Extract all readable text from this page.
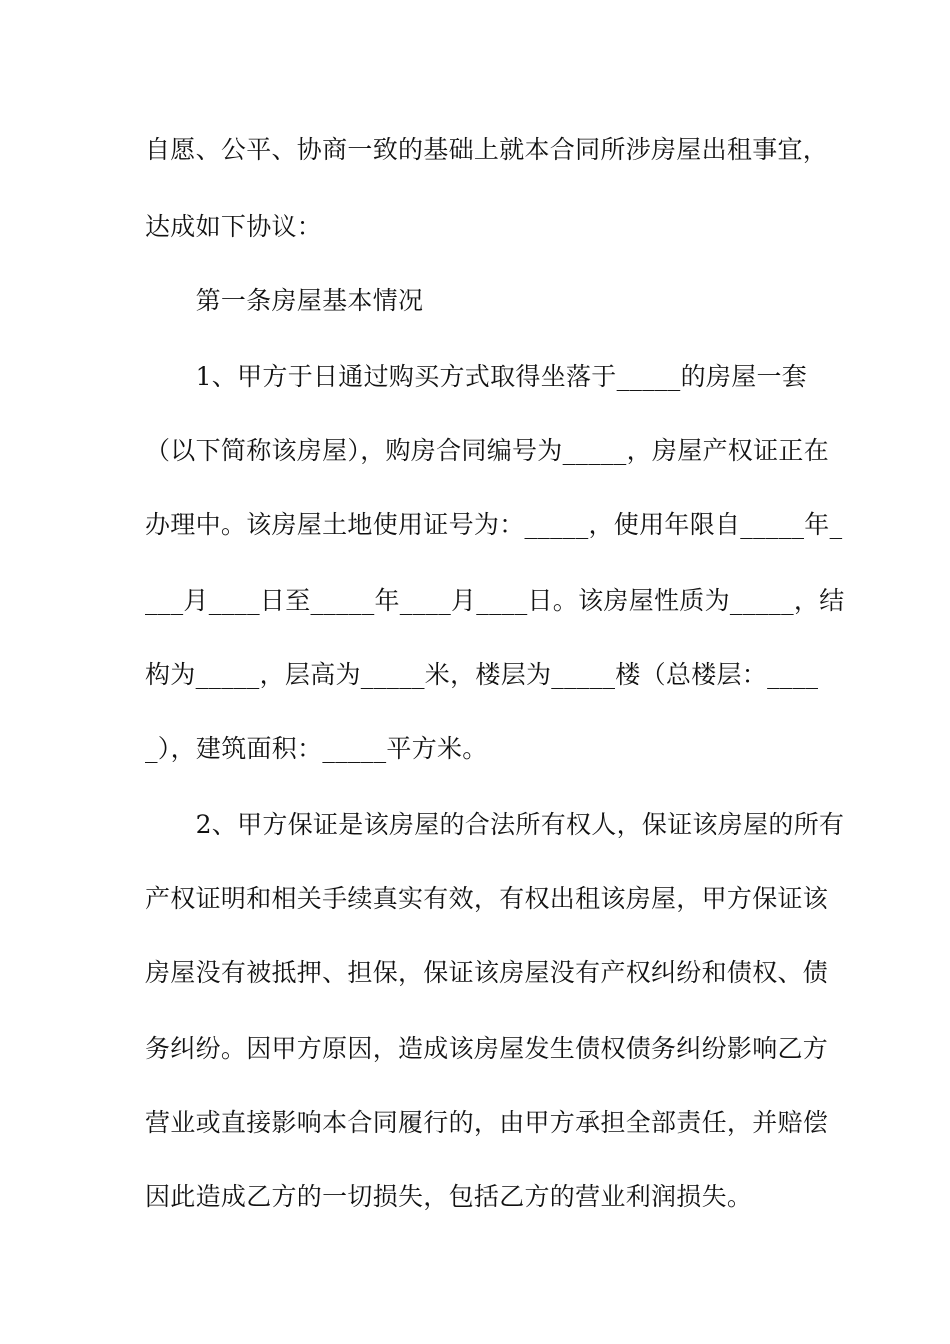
自愿、公平、协商一致的基础上就本合同所涉房屋出租事宜，
达成如下协议：
　　第一条房屋基本情况
　　1、甲方于日通过购买方式取得坐落于_____的房屋一套
（以下简称该房屋），购房合同编号为_____，房屋产权证正在
办理中。该房屋土地使用证号为：_____，使用年限自_____年_
___月____日至_____年____月____日。该房屋性质为_____，结
构为_____，层高为_____米，楼层为_____楼（总楼层：____
_），建筑面积：_____平方米。
　　2、甲方保证是该房屋的合法所有权人，保证该房屋的所有
产权证明和相关手续真实有效，有权出租该房屋，甲方保证该
房屋没有被抵押、担保，保证该房屋没有产权纠纷和债权、债
务纠纷。因甲方原因，造成该房屋发生债权债务纠纷影响乙方
营业或直接影响本合同履行的，由甲方承担全部责任，并赔偿
因此造成乙方的一切损失，包括乙方的营业利润损失。
